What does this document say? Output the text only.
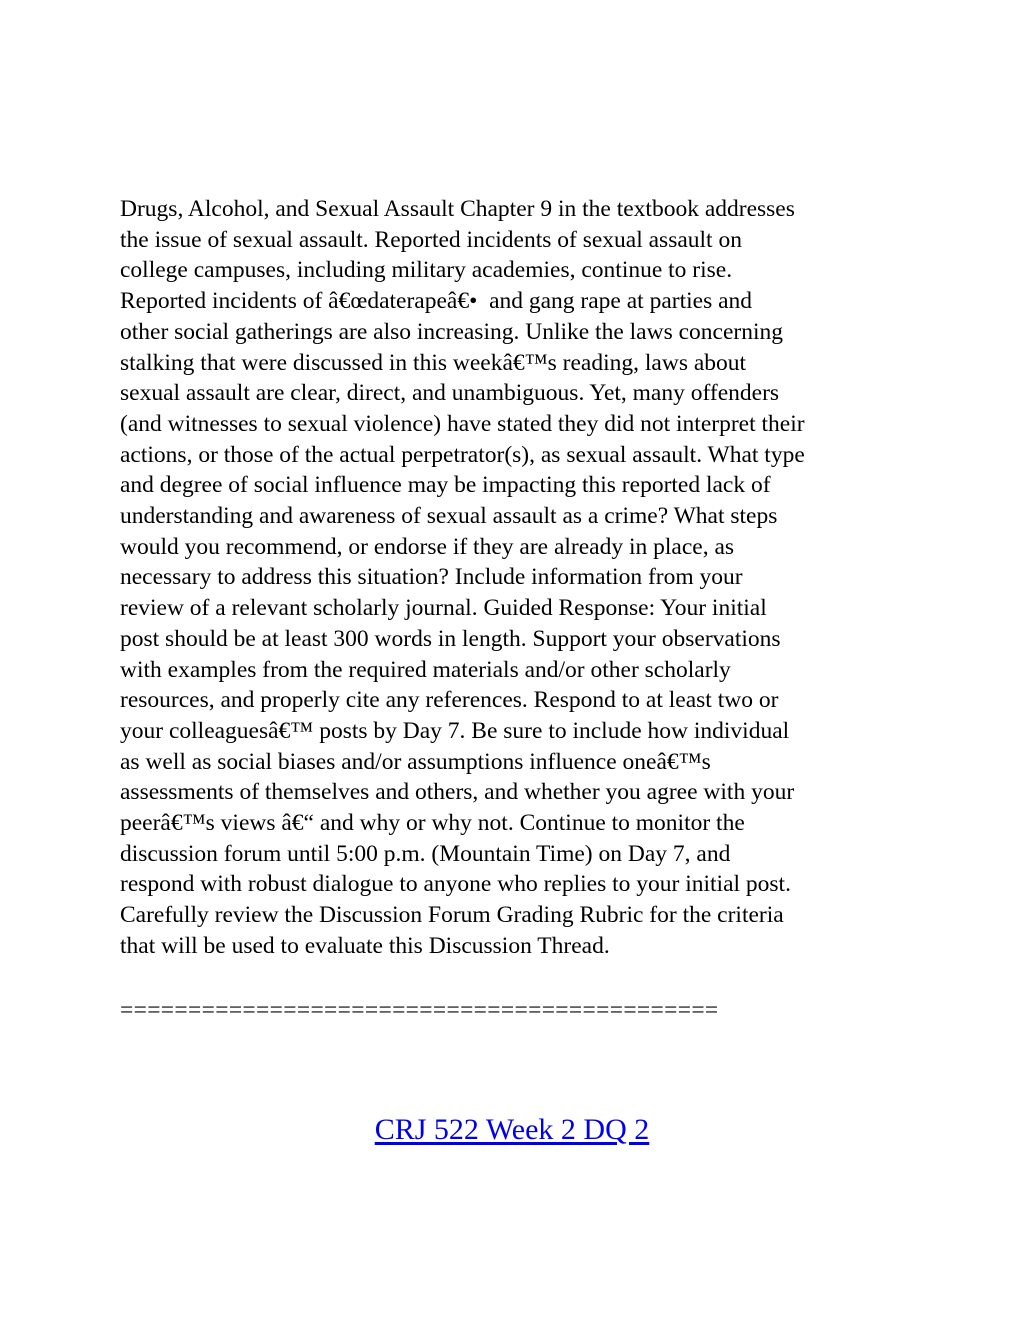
Drugs, Alcohol, and Sexual Assault Chapter 9 in the textbook addresses
the issue of sexual assault. Reported incidents of sexual assault on
college campuses, including military academies, continue to rise.
Reported incidents of â€œdaterapeâ€•  and gang rape at parties and
other social gatherings are also increasing. Unlike the laws concerning
stalking that were discussed in this weekâ€™s reading, laws about
sexual assault are clear, direct, and unambiguous. Yet, many offenders
(and witnesses to sexual violence) have stated they did not interpret their
actions, or those of the actual perpetrator(s), as sexual assault. What type
and degree of social influence may be impacting this reported lack of
understanding and awareness of sexual assault as a crime? What steps
would you recommend, or endorse if they are already in place, as
necessary to address this situation? Include information from your
review of a relevant scholarly journal. Guided Response: Your initial
post should be at least 300 words in length. Support your observations
with examples from the required materials and/or other scholarly
resources, and properly cite any references. Respond to at least two or
your colleaguesâ€™ posts by Day 7. Be sure to include how individual
as well as social biases and/or assumptions influence oneâ€™s
assessments of themselves and others, and whether you agree with your
peerâ€™s views â€“ and why or why not. Continue to monitor the
discussion forum until 5:00 p.m. (Mountain Time) on Day 7, and
respond with robust dialogue to anyone who replies to your initial post.
Carefully review the Discussion Forum Grading Rubric for the criteria
that will be used to evaluate this Discussion Thread.

============================================

CRJ 522 Week 2 DQ 2
